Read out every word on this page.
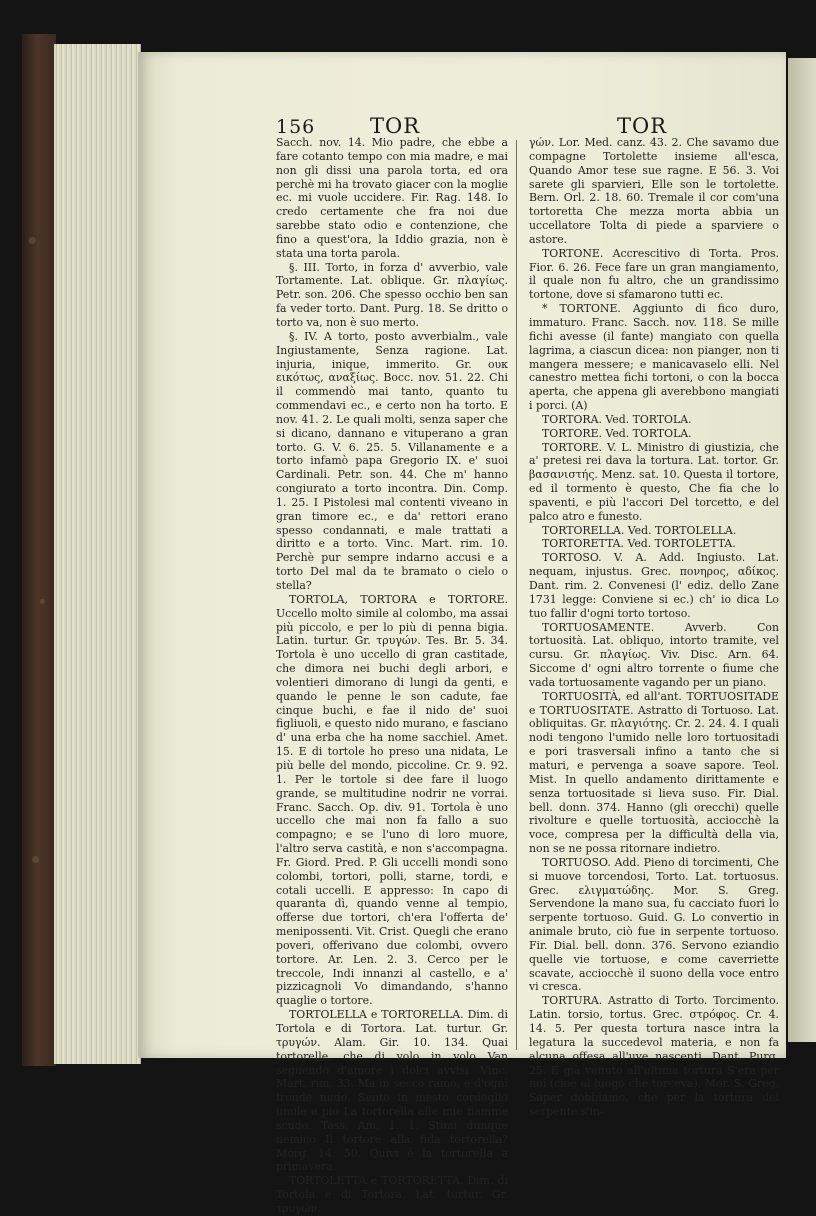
156	TOR	TOR

Sacch. nov. 14. Mio padre, che ebbe a fare cotanto tempo con mia madre, e mai non gli dissi una parola torta, ed ora perchè mi ha trovato giacer con la moglie ec. mi vuole uccidere. Fir. Rag. 148. Io credo certamente che fra noi due sarebbe stato odio e contenzione, che fino a quest'ora, la Iddio grazia, non è stata una torta parola.

§. III. Torto, in forza d' avverbio, vale Tortamente. Lat. oblique. Gr. πλαγίως. Petr. son. 206. Che spesso occhio ben san fa veder torto. Dant. Purg. 18. Se dritto o torto va, non è suo merto.

§. IV. A torto, posto avverbialm., vale Ingiustamente, Senza ragione. Lat. injuria, inique, immerito. Gr. ουκ εικότως, αναξίως. Bocc. nov. 51. 22. Chi il commendò mai tanto, quanto tu commendavi ec., e certo non ha torto. E nov. 41. 2. Le quali molti, senza saper che si dicano, dannano e vituperano a gran torto. G. V. 6. 25. 5. Villanamente e a torto infamò papa Gregorio IX. e' suoi Cardinali. Petr. son. 44. Che m' hanno congiurato a torto incontra. Din. Comp. 1. 25. I Pistolesi mal contenti viveano in gran timore ec., e da' rettori erano spesso condannati, e male trattati a diritto e a torto. Vinc. Mart. rim. 10. Perchè pur sempre indarno accusi e a torto Del mal da te bramato o cielo o stella?

TORTOLA, TORTORA e TORTORE. Uccello molto simile al colombo, ma assai più piccolo, e per lo più di penna bigia. Latin. turtur. Gr. τρυγών. Tes. Br. 5. 34. Tortola è uno uccello di gran castitade, che dimora nei buchi degli arbori, e volentieri dimorano di lungi da genti, e quando le penne le son cadute, fae cinque buchi, e fae il nido de' suoi figliuoli, e questo nido murano, e fasciano d' una erba che ha nome sacchiel. Amet. 15. E di tortole ho preso una nidata, Le più belle del mondo, piccoline. Cr. 9. 92. 1. Per le tortole si dee fare il luogo grande, se multitudine nodrir ne vorrai. Franc. Sacch. Op. div. 91. Tortola è uno uccello che mai non fa fallo a suo compagno; e se l'uno di loro muore, l'altro serva castità, e non s'accompagna. Fr. Giord. Pred. P. Gli uccelli mondi sono colombi, tortori, polli, starne, tordi, e cotali uccelli. E appresso: In capo di quaranta dì, quando venne al tempio, offerse due tortori, ch'era l'offerta de' menipossenti. Vit. Crist. Quegli che erano poveri, offerivano due colombi, ovvero tortore. Ar. Len. 2. 3. Cerco per le treccole, Indi innanzi al castello, e a' pizzicagnoli Vo dimandando, s'hanno quaglie o tortore.

TORTOLELLA e TORTORELLA. Dim. di Tortola e di Tortora. Lat. turtur. Gr. τρυγών. Alam. Gir. 10. 134. Quai tortorelle, che di volo in volo Van seguendo d'amore i dolci avvisi. Vinc. Mart. rim. 33. Ma in secco ramo, e d'ogni fronde nudo, Sento in mesto cordoglio umile e pio La tortorella alle mie fiamme scudo. Tass. Am. 1. 1. Stimi dunque nemico Il tortore alla fida tortorella? Morg. 14. 50. Quivi è la tortorella a primavera.

TORTOLETTA e TORTORETTA. Dim. di Tortola e di Tortora. Lat. turtur. Gr. τρυγών.

γών. Lor. Med. canz. 43. 2. Che savamo due compagne Tortolette insieme all'esca, Quando Amor tese sue ragne. E 56. 3. Voi sarete gli sparvieri, Elle son le tortolette. Bern. Orl. 2. 18. 60. Tremale il cor com'una tortoretta Che mezza morta abbia un uccellatore Tolta di piede a sparviere o astore.

TORTONE. Accrescitivo di Torta. Pros. Fior. 6. 26. Fece fare un gran mangiamento, il quale non fu altro, che un grandissimo tortone, dove si sfamarono tutti ec.

* TORTONE. Aggiunto di fico duro, immaturo. Franc. Sacch. nov. 118. Se mille fichi avesse (il fante) mangiato con quella lagrima, a ciascun dicea: non pianger, non ti mangera messere; e manicavaselo elli. Nel canestro mettea fichi tortoni, o con la bocca aperta, che appena gli averebbono mangiati i porci. (A)

TORTORA. Ved. TORTOLA.

TORTORE. Ved. TORTOLA.

TORTORE. V. L. Ministro di giustizia, che a' pretesi rei dava la tortura. Lat. tortor. Gr. βασανιστής. Menz. sat. 10. Questa il tortore, ed il tormento è questo, Che fia che lo spaventi, e più l'accori Del torcetto, e del palco atro e funesto.

TORTORELLA. Ved. TORTOLELLA.

TORTORETTA. Ved. TORTOLETTA.

TORTOSO. V. A. Add. Ingiusto. Lat. nequam, injustus. Grec. πονηρος, αδίκος. Dant. rim. 2. Convenesi (l' ediz. dello Zane 1731 legge: Conviene si ec.) ch' io dica Lo tuo fallir d'ogni torto tortoso.

TORTUOSAMENTE. Avverb. Con tortuosità. Lat. obliquo, intorto tramite, vel cursu. Gr. πλαγίως. Viv. Disc. Arn. 64. Siccome d' ogni altro torrente o fiume che vada tortuosamente vagando per un piano.

TORTUOSITÀ, ed all'ant. TORTUOSITADE e TORTUOSITATE. Astratto di Tortuoso. Lat. obliquitas. Gr. πλαγιότης. Cr. 2. 24. 4. I quali nodi tengono l'umido nelle loro tortuositadi e pori trasversali infino a tanto che si maturi, e pervenga a soave sapore. Teol. Mist. In quello andamento dirittamente e senza tortuositade si lieva suso. Fir. Dial. bell. donn. 374. Hanno (gli orecchi) quelle rivolture e quelle tortuosità, acciocchè la voce, compresa per la difficultà della via, non se ne possa ritornare indietro.

TORTUOSO. Add. Pieno di torcimenti, Che si muove torcendosi, Torto. Lat. tortuosus. Grec. ελιγματώδης. Mor. S. Greg. Servendone la mano sua, fu cacciato fuori lo serpente tortuoso. Guid. G. Lo convertio in animale bruto, ciò fue in serpente tortuoso. Fir. Dial. bell. donn. 376. Servono eziandio quelle vie tortuose, e come caverriette scavate, acciocchè il suono della voce entro vi cresca.

TORTURA. Astratto di Torto. Torcimento. Latin. torsio, tortus. Grec. στρόφος. Cr. 4. 14. 5. Per questa tortura nasce intra la legatura la succedevol materia, e non fa alcuna offesa all'uve nascenti. Dant. Purg. 25. E già venuto all'ultima tortura S'era per noi (cioè al luogo che torceva). Mor. S. Greg. Saper dobbiamo, che per la tortura del serpente s'in-
